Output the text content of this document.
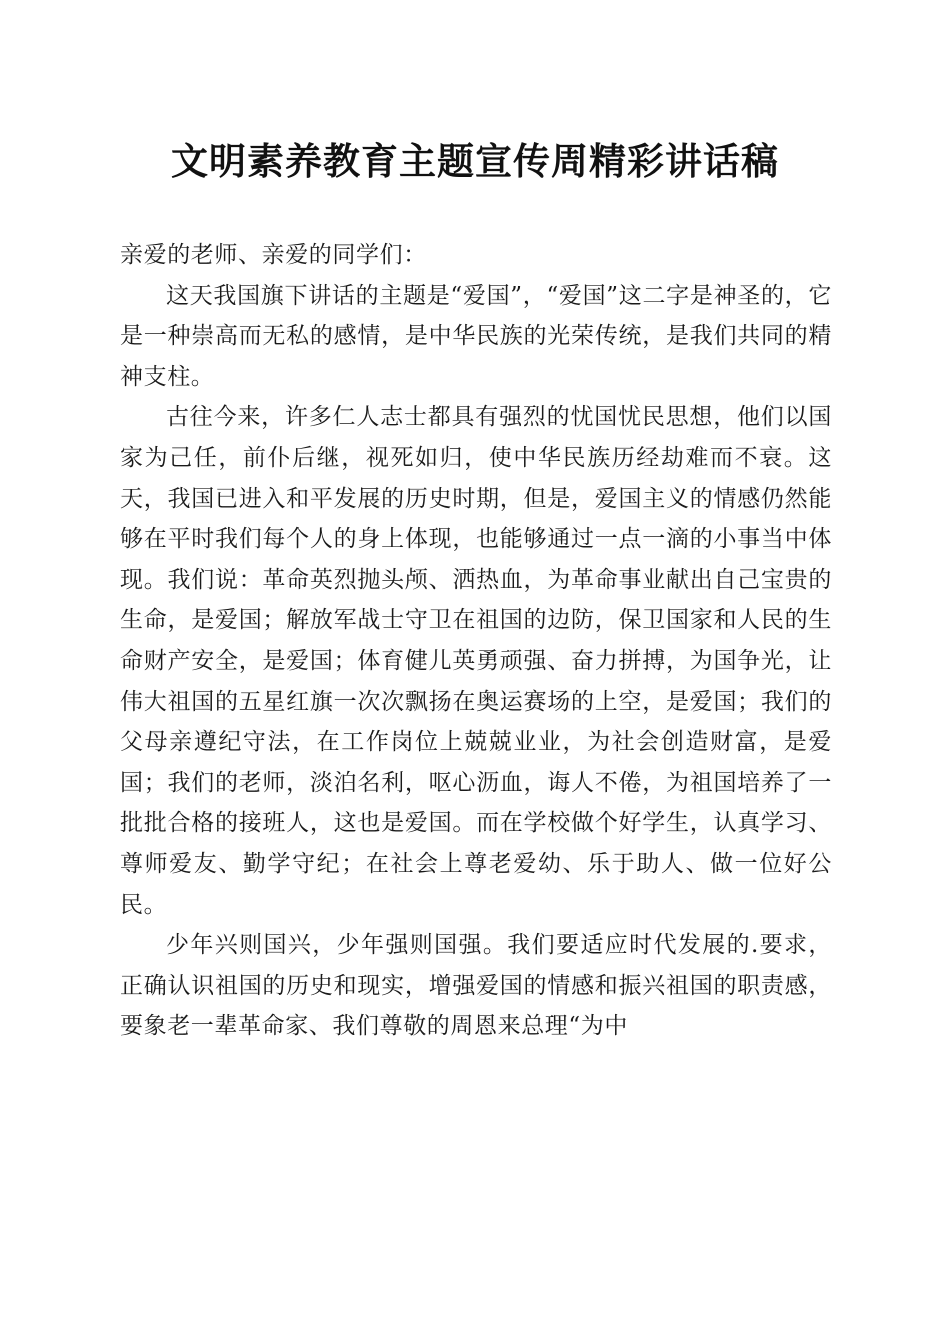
文明素养教育主题宣传周精彩讲话稿

亲爱的老师、亲爱的同学们：

这天我国旗下讲话的主题是“爱国”，“爱国”这二字是神圣的，它是一种崇高而无私的感情，是中华民族的光荣传统，是我们共同的精神支柱。

古往今来，许多仁人志士都具有强烈的忧国忧民思想，他们以国家为己任，前仆后继，视死如归，使中华民族历经劫难而不衰。这天，我国已进入和平发展的历史时期，但是，爱国主义的情感仍然能够在平时我们每个人的身上体现，也能够通过一点一滴的小事当中体现。我们说：革命英烈抛头颅、洒热血，为革命事业献出自己宝贵的生命，是爱国；解放军战士守卫在祖国的边防，保卫国家和人民的生命财产安全，是爱国；体育健儿英勇顽强、奋力拼搏，为国争光，让伟大祖国的五星红旗一次次飘扬在奥运赛场的上空，是爱国；我们的父母亲遵纪守法，在工作岗位上兢兢业业，为社会创造财富，是爱国；我们的老师，淡泊名利，呕心沥血，诲人不倦，为祖国培养了一批批合格的接班人，这也是爱国。而在学校做个好学生，认真学习、尊师爱友、勤学守纪；在社会上尊老爱幼、乐于助人、做一位好公民。

少年兴则国兴，少年强则国强。我们要适应时代发展的.要求，正确认识祖国的历史和现实，增强爱国的情感和振兴祖国的职责感，要象老一辈革命家、我们尊敬的周恩来总理“为中
